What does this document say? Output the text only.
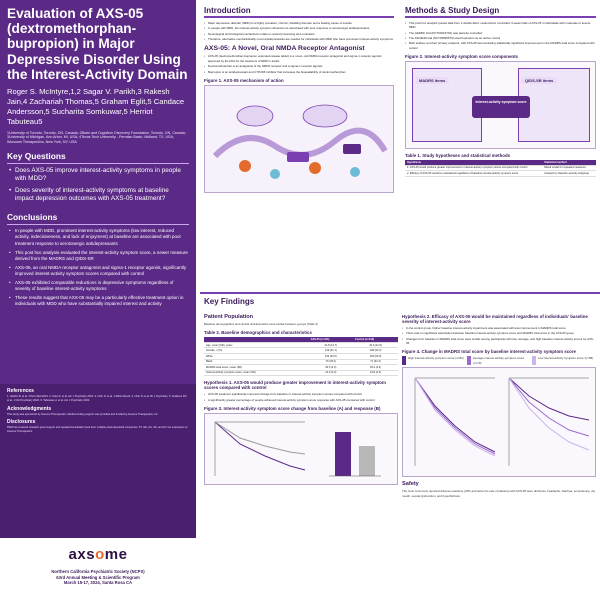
Evaluation of AXS-05 (dextromethorphan-bupropion) in Major Depressive Disorder Using the Interest-Activity Domain
Roger S. McIntyre,1,2 Sagar V. Parikh,3 Rakesh Jain,4 Zachariah Thomas,5 Graham Eglit,5 Candace Andersson,5 Sucharita Somkuwar,5 Herriot Tabuteau5
1University of Toronto, Toronto, ON, Canada; 2Brain and Cognition Discovery Foundation, Toronto, ON, Canada; 3University of Michigan, Ann Arbor, MI, USA; 4Texas Tech University - Permian Basin, Midland, TX, USA; 5Axsome Therapeutics, New York, NY, USA
Key Questions
• Does AXS-05 improve interest-activity symptoms in people with MDD?
• Does severity of interest-activity symptoms at baseline impact depression outcomes with AXS-05 treatment?
Conclusions
• In people with MDD, prominent interest-activity symptoms (low interest, reduced activity, indecisiveness, and lack of enjoyment) at baseline are associated with poor treatment response to serotonergic antidepressants
• This post hoc analysis evaluated the interest-activity symptom score, a newer measure derived from the MADRS and QIDS-SR
• AXS-05, an oral NMDA receptor antagonist and sigma-1 receptor agonist, significantly improved interest-activity symptom scores compared with control
• AXS-05 exhibited comparable reductions in depressive symptoms regardless of severity of baseline interest-activity symptoms
• These results suggest that AXS-05 may be a particularly effective treatment option in individuals with MDD who have substantially impaired interest and activity
References
1. Vavilov B, et al. J Pers Med 2021. 2. Uher R, et al. Am J Psychiatry 2012. 3. Uher R, et al. J Affect Disord. 4. Uher R, et al. Br J Psychiatry. 5. Iosifescu DV, et al. J Clin Psychiatry 2022. 6. Tabuteau H, et al. Am J Psychiatry 2022.
Acknowledgments
This study was sponsored by Axsome Therapeutics. Medical writing support was provided and funded by Axsome Therapeutics, Inc.
Disclosures
RSM has received research grant support and speaker/consultation fees from multiple pharmaceutical companies. ZT, GE, CA, SS, and HT are employees of Axsome Therapeutics.
axsome
Northern California Psychiatric Society (NCPS)
63rd Annual Meeting & Scientific Program
March 15-17, 2024, Santa Rosa CA
Introduction
• Major depressive disorder (MDD) is a highly prevalent, chronic, disabling disorder and a leading cause of suicide
• In people with MDD, the interest-activity symptom dimension is associated with poor response to serotonergic antidepressants
• Neurological and biological mechanisms relate to reward processing and motivation
• Therefore, alternative mechanistically novel antidepressants are needed for individuals with MDD who have prominent interest-activity symptoms
AXS-05: A Novel, Oral NMDA Receptor Antagonist
• AXS-05 (dextromethorphan-bupropion extended-release tablet) is a novel, oral NMDA receptor antagonist and sigma-1 receptor agonist approved by the FDA for the treatment of MDD in adults
• Dextromethorphan is an antagonist of the NMDA receptor and a sigma-1 receptor agonist
• Bupropion is an antidepressant and CYP2D6 inhibitor that increases the bioavailability of dextromethorphan
Figure 1. AXS-05 mechanism of action
Methods & Study Design
• This post hoc analysis pooled data from 2 double-blind, randomized, controlled, 6-week trials of AXS-05 in individuals with moderate to severe MDD
• The GEMINI trial (NCT04019704) was placebo controlled
• The ASCEND trial (NCT03595579) used bupropion as an active control
• Both studies met their primary endpoint, with AXS-05 demonstrating statistically significant improvement in the MADRS total score compared with control
Figure 2. Interest-activity symptom score components
MADRS items	QIDS-SR items
Interest-activity symptom score
Table 1. Study hypotheses and statistical methods
Hypothesis	Statistical method
1. AXS-05 would produce greater improvement in interest-activity symptom scores compared with control	Mixed model for repeated measures
2. Efficacy of AXS-05 would be maintained regardless of baseline interest-activity symptom score	Analysis by baseline severity subgroup
Key Findings
Patient Population
Baseline demographics and clinical characteristics were similar between groups (Table 2)
Table 2. Baseline demographics and characteristics
	AXS-05 (n=211)	Control (n=219)
Age, mean (SD), years	41.8 (12.7)	42.0 (12.9)
Female, n (%)	129 (61.1)	138 (63.0)
White	134 (63.5)	139 (63.5)
Black	70 (33.2)	71 (32.4)
MADRS total score, mean (SD)	33.5 (4.3)	33.3 (4.4)
Interest-activity symptom score, mean (SD)	13.9 (2.3)	13.8 (2.4)
Hypothesis 1. AXS-05 would produce greater improvement in interest-activity symptom scores compared with control
• AXS-05 treatment significantly improved change from baseline in interest-activity symptom scores compared with control
• A significantly greater percentage of people achieved interest-activity symptom score response with AXS-05 compared with control
Figure 3. Interest-activity symptom score change from baseline (A) and response (B)
Hypothesis 2. Efficacy of AXS-05 would be maintained regardless of individuals' baseline severity of interest-activity score
• In the control group, higher baseline interest-activity impairment was associated with less improvement in MADRS total score
• There was no significant association between baseline interest-activity symptom score and MADRS total score in the AXS-05 group
• Changes from baseline in MADRS total score were similar among participants with low, average, and high baseline interest-activity scores for AXS-05
Figure 4. Change in MADRS total score by baseline interest-activity symptom score
High interest-activity symptom score (n=82)	Average interest-activity symptom score (n=70)
Low interest-activity symptom score (n=58)
Safety
The most commonly reported adverse reactions (≥5% and twice the rate of placebo) with AXS-05 were dizziness, headache, diarrhea, somnolence, dry mouth, sexual dysfunction, and hyperhidrosis
